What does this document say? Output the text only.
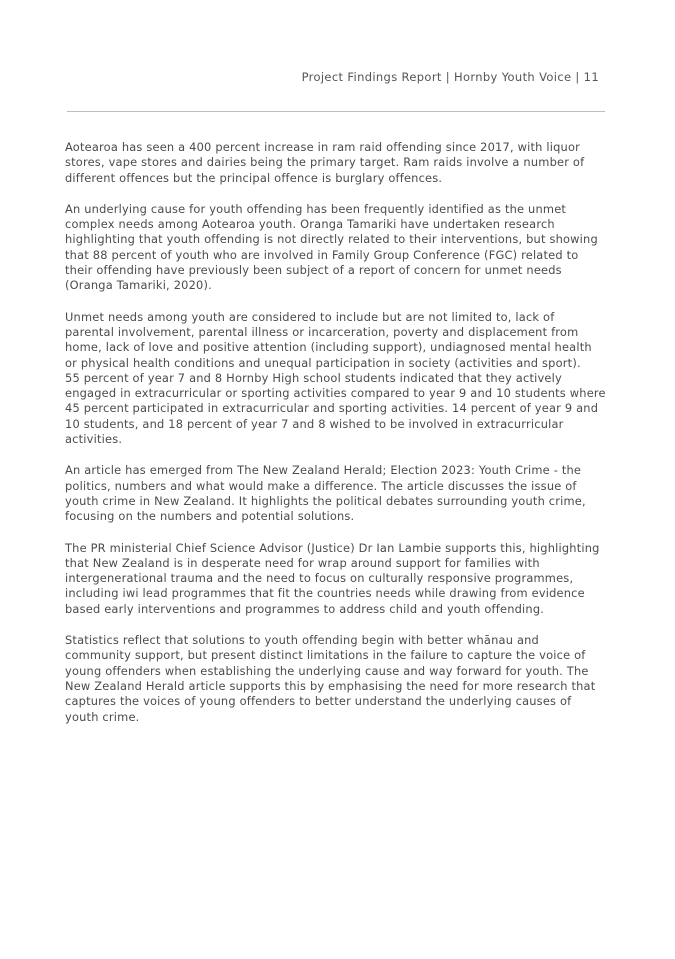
Project Findings Report | Hornby Youth Voice | 11

Aotearoa has seen a 400 percent increase in ram raid offending since 2017, with liquor
stores, vape stores and dairies being the primary target. Ram raids involve a number of
different offences but the principal offence is burglary offences.

An underlying cause for youth offending has been frequently identified as the unmet
complex needs among Aotearoa youth. Oranga Tamariki have undertaken research
highlighting that youth offending is not directly related to their interventions, but showing
that 88 percent of youth who are involved in Family Group Conference (FGC) related to
their offending have previously been subject of a report of concern for unmet needs
(Oranga Tamariki, 2020).

Unmet needs among youth are considered to include but are not limited to, lack of
parental involvement, parental illness or incarceration, poverty and displacement from
home, lack of love and positive attention (including support), undiagnosed mental health
or physical health conditions and unequal participation in society (activities and sport).
55 percent of year 7 and 8 Hornby High school students indicated that they actively
engaged in extracurricular or sporting activities compared to year 9 and 10 students where
45 percent participated in extracurricular and sporting activities. 14 percent of year 9 and
10 students, and 18 percent of year 7 and 8 wished to be involved in extracurricular
activities.

An article has emerged from The New Zealand Herald; Election 2023: Youth Crime - the
politics, numbers and what would make a difference. The article discusses the issue of
youth crime in New Zealand. It highlights the political debates surrounding youth crime,
focusing on the numbers and potential solutions.

The PR ministerial Chief Science Advisor (Justice) Dr Ian Lambie supports this, highlighting
that New Zealand is in desperate need for wrap around support for families with
intergenerational trauma and the need to focus on culturally responsive programmes,
including iwi lead programmes that fit the countries needs while drawing from evidence
based early interventions and programmes to address child and youth offending.

Statistics reflect that solutions to youth offending begin with better whānau and
community support, but present distinct limitations in the failure to capture the voice of
young offenders when establishing the underlying cause and way forward for youth. The
New Zealand Herald article supports this by emphasising the need for more research that
captures the voices of young offenders to better understand the underlying causes of
youth crime.
